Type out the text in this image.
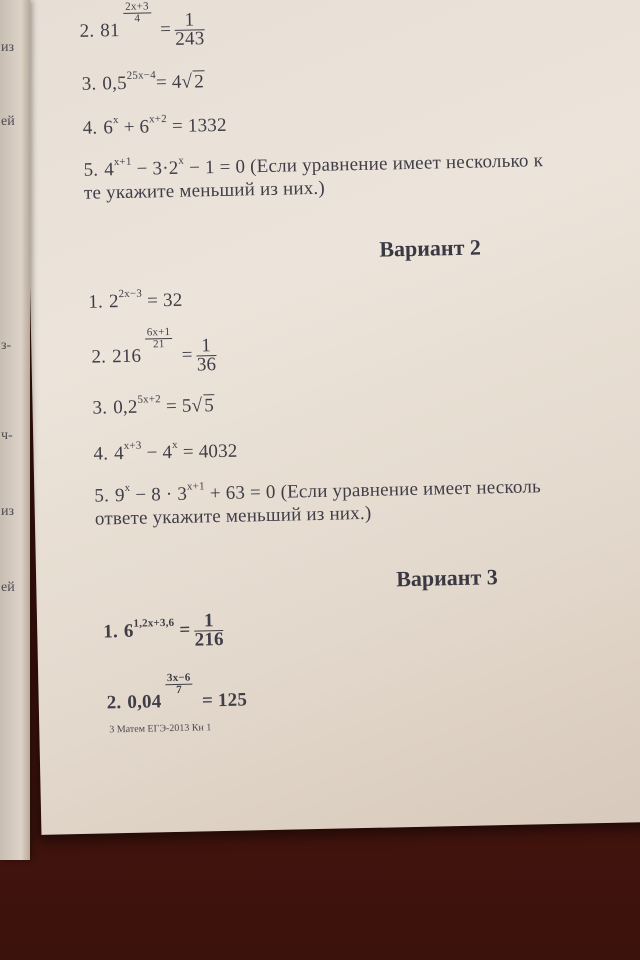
2. 81
$\frac{2x+3}{4}$
= $\frac{1}{243}$
3. $0,5^{25x-4}= 4√2$
4. $6^x + 6^{x+2} = 1332$
5. $4^{x+1} - 3\cdot 2^x - 1 = 0$ (Если уравнение имеет несколько к
те укажите меньший из них.)
Вариант 2
1. $2^{2x-3} = 32$
2. 216
$\frac{6x+1}{21}$
= $\frac{1}{36}$
3. $0,2^{5x+2} = 5√5$
4. $4^{x+3} - 4^x = 4032$
5. $9^x - 8 \cdot 3^{x+1} + 63 = 0$ (Если уравнение имеет несколь
ответе укажите меньший из них.)
Вариант 3
1. $6^{1,2x+3,6} = \frac{1}{216}$
2. 0,04
$\frac{3x-6}{7}$
= 125
3 Матем ЕГЭ-2013 Кн 1
из
ей
з-
ч-
из
ей
